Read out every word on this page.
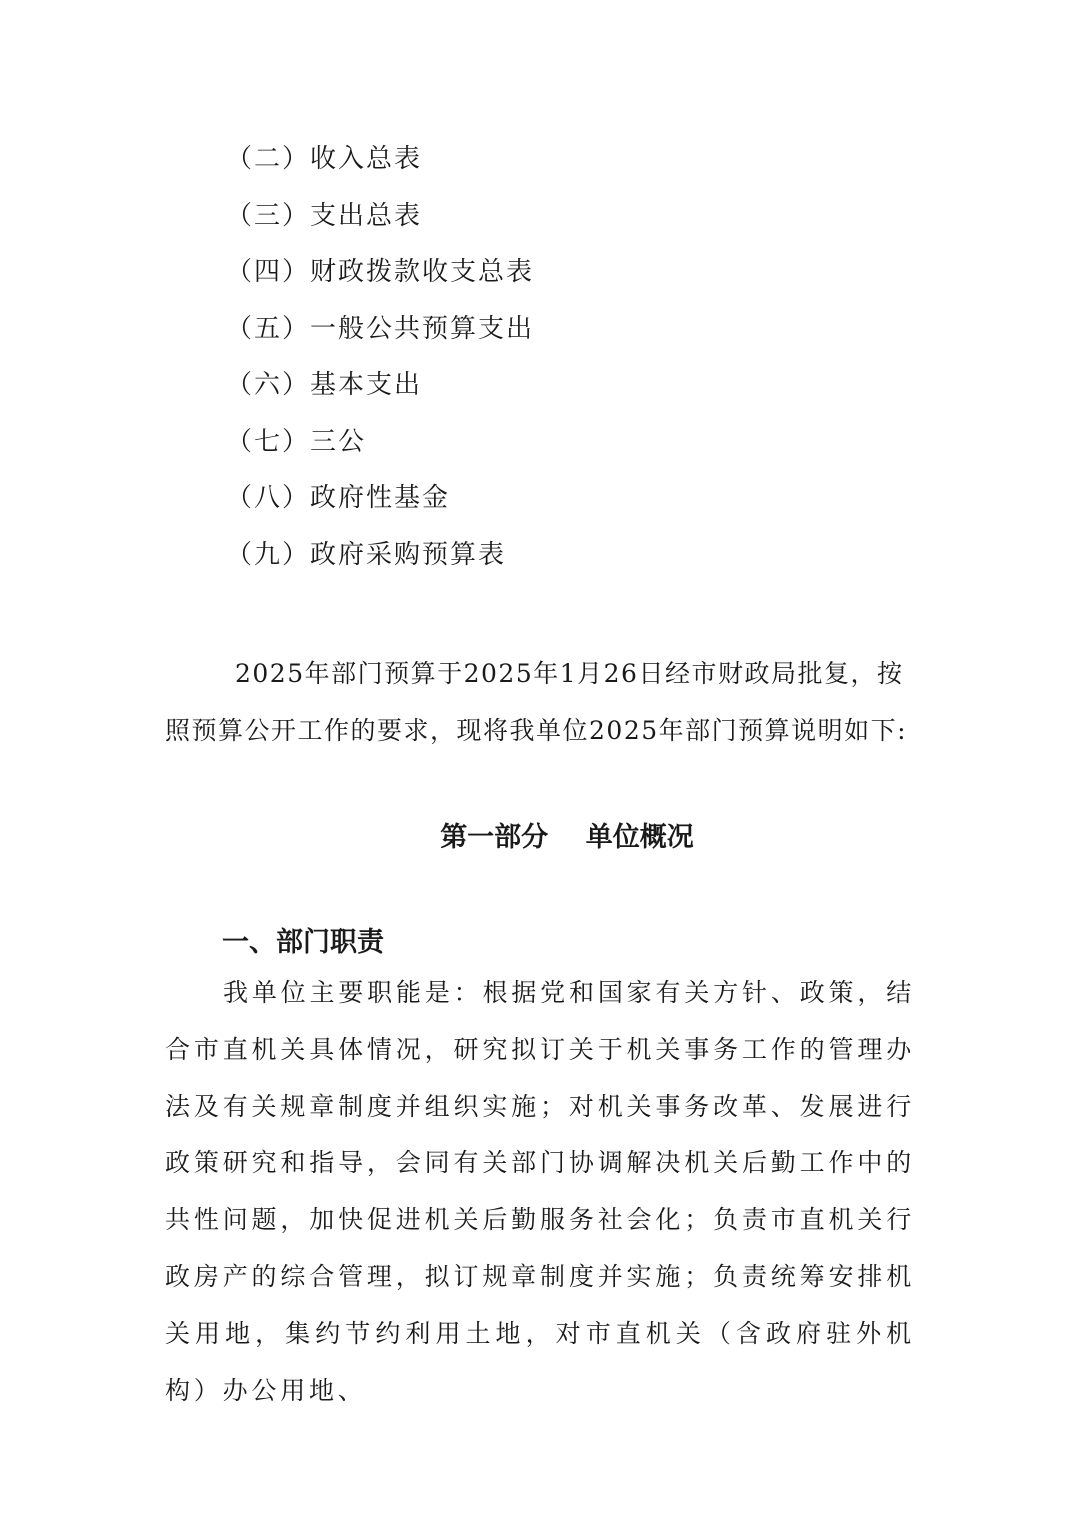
（二）收入总表
（三）支出总表
（四）财政拨款收支总表
（五）一般公共预算支出
（六）基本支出
（七）三公
（八）政府性基金
（九）政府采购预算表

2025年部门预算于2025年1月26日经市财政局批复，按照预算公开工作的要求，现将我单位2025年部门预算说明如下:

第一部分    单位概况
一、部门职责

我单位主要职能是：根据党和国家有关方针、政策，结合市直机关具体情况，研究拟订关于机关事务工作的管理办法及有关规章制度并组织实施；对机关事务改革、发展进行政策研究和指导，会同有关部门协调解决机关后勤工作中的共性问题，加快促进机关后勤服务社会化；负责市直机关行政房产的综合管理，拟订规章制度并实施；负责统筹安排机关用地，集约节约利用土地，对市直机关（含政府驻外机构）办公用地、
